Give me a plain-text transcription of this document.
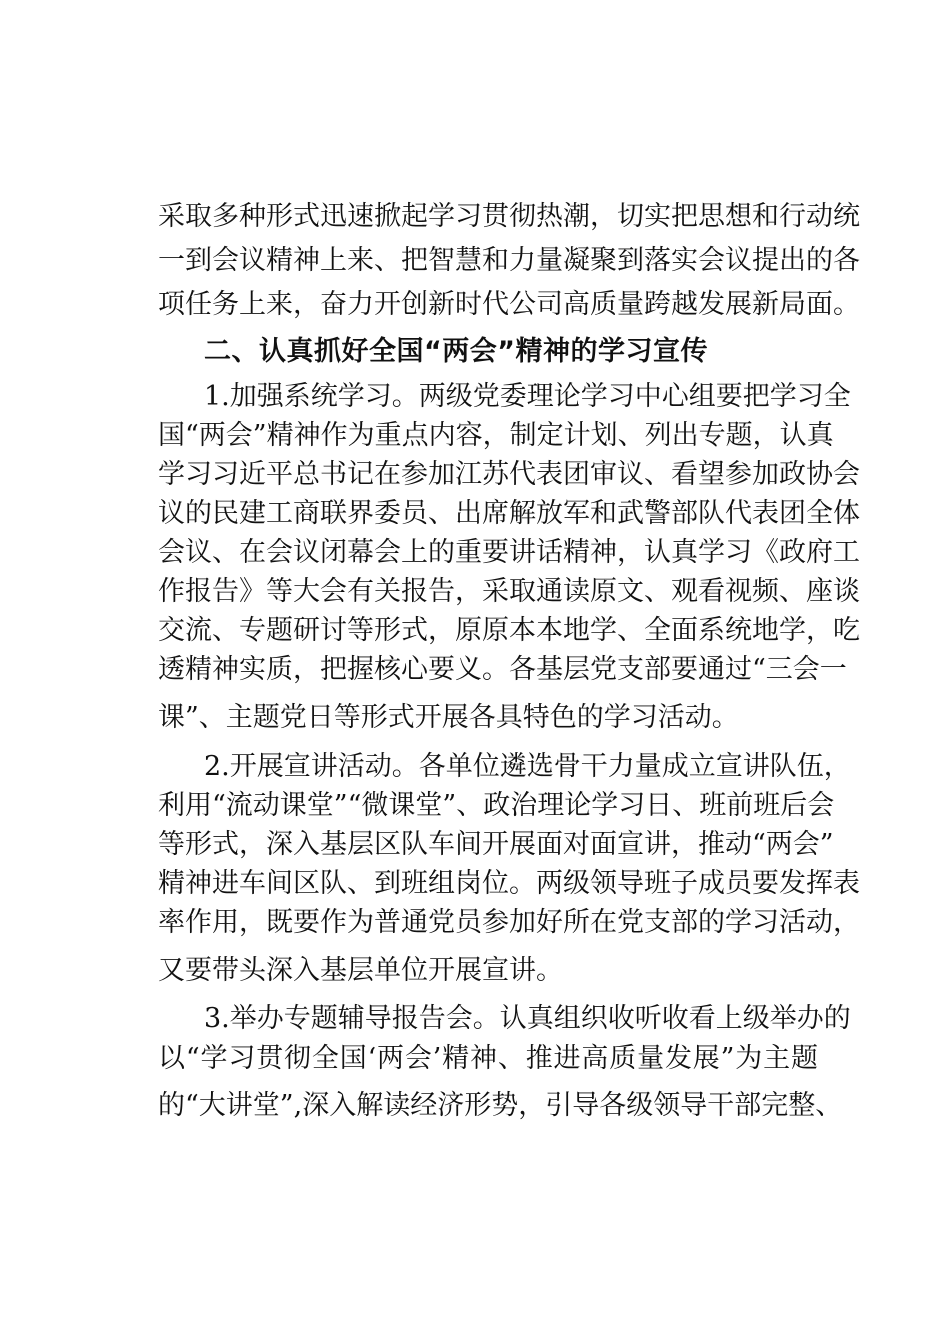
采取多种形式迅速掀起学习贯彻热潮，切实把思想和行动统
一到会议精神上来、把智慧和力量凝聚到落实会议提出的各
项任务上来，奋力开创新时代公司高质量跨越发展新局面。
二、认真抓好全国“两会”精神的学习宣传
1.加强系统学习。两级党委理论学习中心组要把学习全
国“两会”精神作为重点内容，制定计划、列出专题，认真
学习习近平总书记在参加江苏代表团审议、看望参加政协会
议的民建工商联界委员、出席解放军和武警部队代表团全体
会议、在会议闭幕会上的重要讲话精神，认真学习《政府工
作报告》等大会有关报告，采取通读原文、观看视频、座谈
交流、专题研讨等形式，原原本本地学、全面系统地学，吃
透精神实质，把握核心要义。各基层党支部要通过“三会一
课”、主题党日等形式开展各具特色的学习活动。
2.开展宣讲活动。各单位遴选骨干力量成立宣讲队伍，
利用“流动课堂”“微课堂”、政治理论学习日、班前班后会
等形式，深入基层区队车间开展面对面宣讲，推动“两会”
精神进车间区队、到班组岗位。两级领导班子成员要发挥表
率作用，既要作为普通党员参加好所在党支部的学习活动，
又要带头深入基层单位开展宣讲。
3.举办专题辅导报告会。认真组织收听收看上级举办的
以“学习贯彻全国‘两会’精神、推进高质量发展”为主题
的“大讲堂”,深入解读经济形势，引导各级领导干部完整、
